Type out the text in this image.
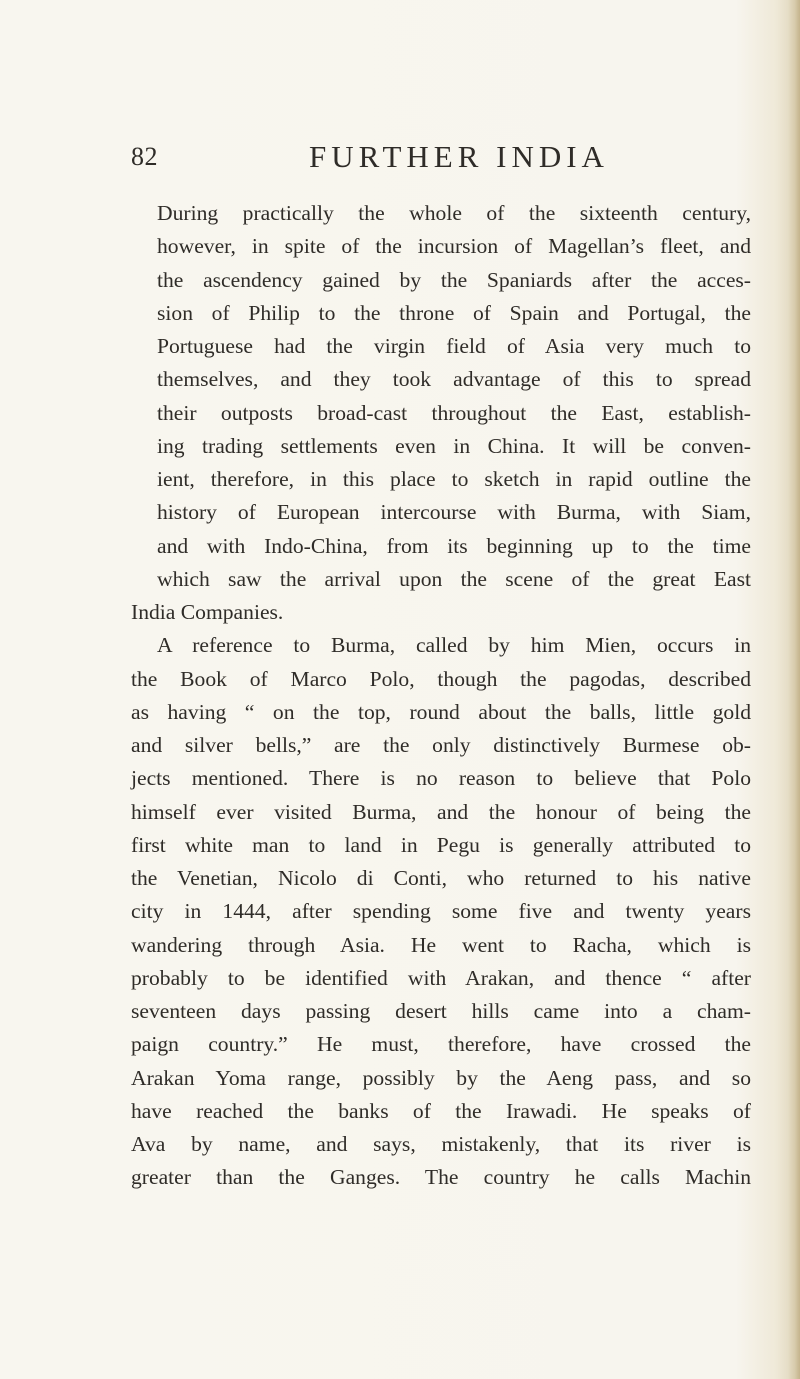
82	FURTHER INDIA

During practically the whole of the sixteenth century,
however, in spite of the incursion of Magellan’s fleet, and
the ascendency gained by the Spaniards after the acces-
sion of Philip to the throne of Spain and Portugal, the
Portuguese had the virgin field of Asia very much to
themselves, and they took advantage of this to spread
their outposts broad-cast throughout the East, establish-
ing trading settlements even in China. It will be conven-
ient, therefore, in this place to sketch in rapid outline the
history of European intercourse with Burma, with Siam,
and with Indo-China, from its beginning up to the time
which saw the arrival upon the scene of the great East
India Companies.

A reference to Burma, called by him Mien, occurs in
the Book of Marco Polo, though the pagodas, described
as having “ on the top, round about the balls, little gold
and silver bells,” are the only distinctively Burmese ob-
jects mentioned. There is no reason to believe that Polo
himself ever visited Burma, and the honour of being the
first white man to land in Pegu is generally attributed to
the Venetian, Nicolo di Conti, who returned to his native
city in 1444, after spending some five and twenty years
wandering through Asia. He went to Racha, which is
probably to be identified with Arakan, and thence “ after
seventeen days passing desert hills came into a cham-
paign country.” He must, therefore, have crossed the
Arakan Yoma range, possibly by the Aeng pass, and so
have reached the banks of the Irawadi. He speaks of
Ava by name, and says, mistakenly, that its river is
greater than the Ganges. The country he calls Machin
